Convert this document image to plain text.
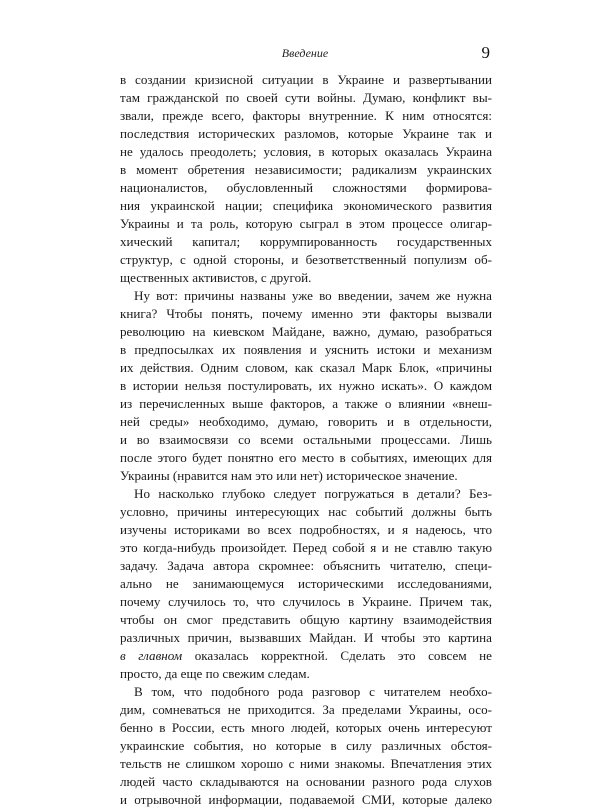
Введение	9
в создании кризисной ситуации в Украине и развертывании
там гражданской по своей сути войны. Думаю, конфликт вы-
звали, прежде всего, факторы внутренние. К ним относятся:
последствия исторических разломов, которые Украине так и
не удалось преодолеть; условия, в которых оказалась Украина
в момент обретения независимости; радикализм украинских
националистов, обусловленный сложностями формирова-
ния украинской нации; специфика экономического развития
Украины и та роль, которую сыграл в этом процессе олигар-
хический капитал; коррумпированность государственных
структур, с одной стороны, и безответственный популизм об-
щественных активистов, с другой.
Ну вот: причины названы уже во введении, зачем же нужна
книга? Чтобы понять, почему именно эти факторы вызвали
революцию на киевском Майдане, важно, думаю, разобраться
в предпосылках их появления и уяснить истоки и механизм
их действия. Одним словом, как сказал Марк Блок, «причины
в истории нельзя постулировать, их нужно искать». О каждом
из перечисленных выше факторов, а также о влиянии «внеш-
ней среды» необходимо, думаю, говорить и в отдельности,
и во взаимосвязи со всеми остальными процессами. Лишь
после этого будет понятно его место в событиях, имеющих для
Украины (нравится нам это или нет) историческое значение.
Но насколько глубоко следует погружаться в детали? Без-
условно, причины интересующих нас событий должны быть
изучены историками во всех подробностях, и я надеюсь, что
это когда-нибудь произойдет. Перед собой я и не ставлю такую
задачу. Задача автора скромнее: объяснить читателю, специ-
ально не занимающемуся историческими исследованиями,
почему случилось то, что случилось в Украине. Причем так,
чтобы он смог представить общую картину взаимодействия
различных причин, вызвавших Майдан. И чтобы это картина
в главном оказалась корректной. Сделать это совсем не
просто, да еще по свежим следам.
В том, что подобного рода разговор с читателем необхо-
дим, сомневаться не приходится. За пределами Украины, осо-
бенно в России, есть много людей, которых очень интересуют
украинские события, но которые в силу различных обстоя-
тельств не слишком хорошо с ними знакомы. Впечатления этих
людей часто складываются на основании разного рода слухов
и отрывочной информации, подаваемой СМИ, которые далеко
